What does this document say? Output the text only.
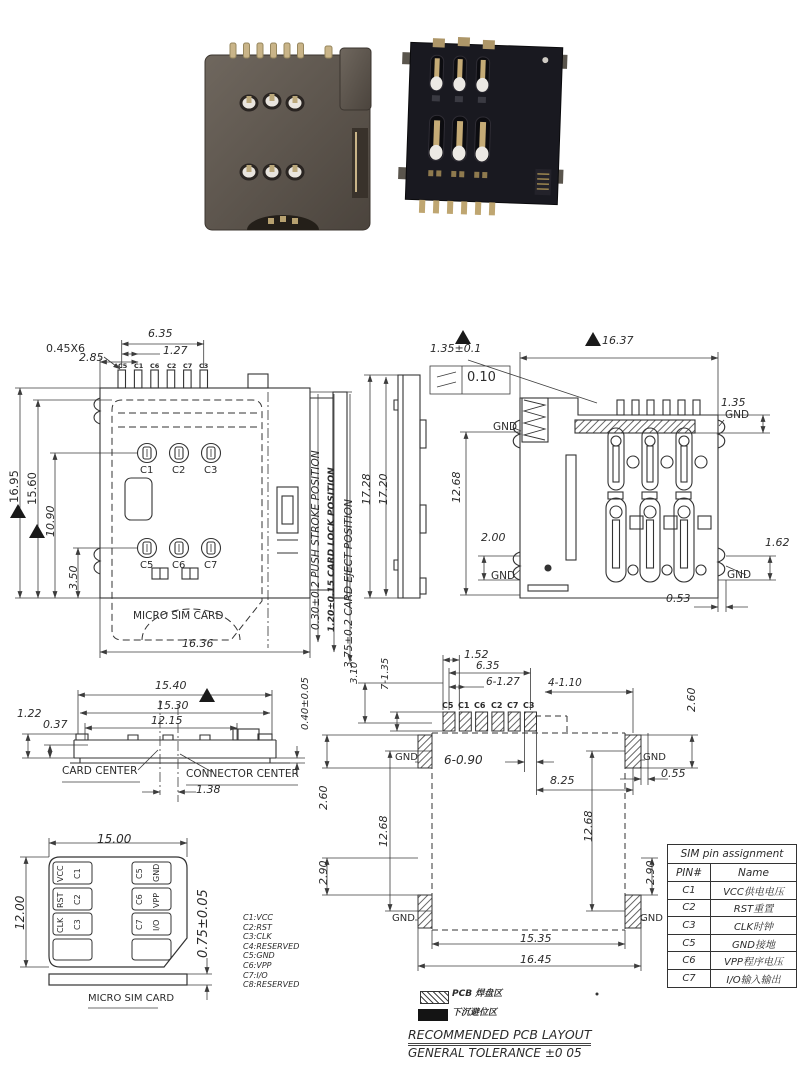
6.35
1.27
0.45X6
2.85
C5 C1 C6 C2 C7 C3
16.95 15.60
10.90
3.50
C1 C2 C3
C5 C6 C7
MICRO SIM CARD
16.36
0.30±0.2 PUSH STROKE POSITION 1.20±0.15 CARD LOCK POSITION 3.75±0.2 CARD EJECT POSITION
17.28 17.20
16.37
1.35±0.1
0.10
GND
1.35
GND
12.68
2.00
GND
1.62
GND
0.53
15.40
15.30
12.15
1.22
0.37	0.40±0.05
CARD CENTER	CONNECTOR CENTER
1.38
3.10 7-1.35
1.52
6.35
6-1.27	4-1.10
2.60
C5 C1 C6 C2 C7 C3
GND 6-0.90
8.25
GND
0.55
2.60
2.90
12.68	12.68
2.90
GND	GND
15.35
16.45
15.00
12.00	0.75±0.05
VCC C1
RST C2
CLK C3
C5 GND
C6 VPP
C7 I/O
MICRO SIM CARD
C1:VCC
C2:RST
C3:CLK
C4:RESERVED
C5:GND
C6:VPP
C7:I/O
C8:RESERVED
SIM pin assignment
PIN#	Name
C1	VCC供电电压
C2	RST重置
C3	CLK时钟
C5	GND接地
C6	VPP程序电压
C7	I/O输入输出
PCB 焊盘区
下沉避位区
RECOMMENDED PCB LAYOUT
GENERAL TOLERANCE ±0 05
